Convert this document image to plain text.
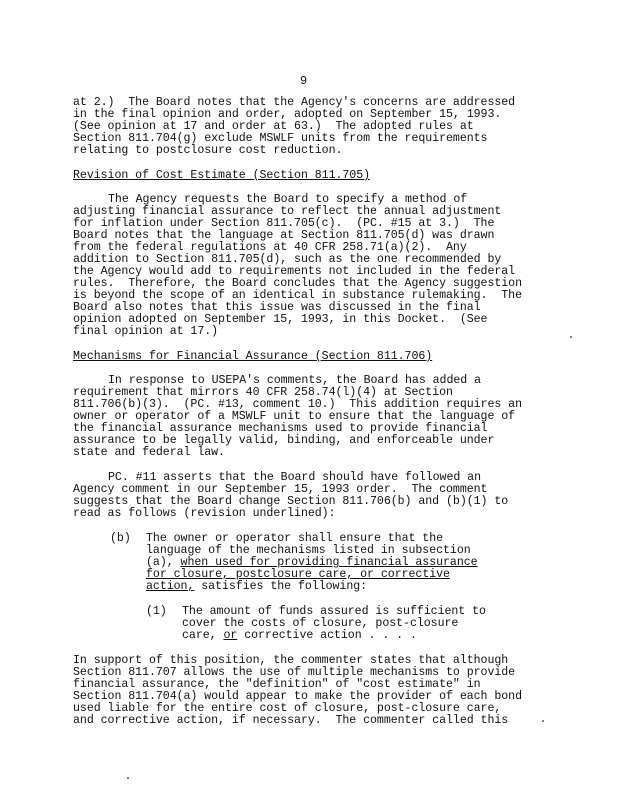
9
at 2.)  The Board notes that the Agency's concerns are addressed
in the final opinion and order, adopted on September 15, 1993.
(See opinion at 17 and order at 63.)  The adopted rules at
Section 811.704(g) exclude MSWLF units from the requirements
relating to postclosure cost reduction.
Revision of Cost Estimate (Section 811.705)
The Agency requests the Board to specify a method of
adjusting financial assurance to reflect the annual adjustment
for inflation under Section 811.705(c).  (PC. #15 at 3.)  The
Board notes that the language at Section 811.705(d) was drawn
from the federal regulations at 40 CFR 258.71(a)(2).  Any
addition to Section 811.705(d), such as the one recommended by
the Agency would add to requirements not included in the federal
rules.  Therefore, the Board concludes that the Agency suggestion
is beyond the scope of an identical in substance rulemaking.  The
Board also notes that this issue was discussed in the final
opinion adopted on September 15, 1993, in this Docket.  (See
final opinion at 17.)
Mechanisms for Financial Assurance (Section 811.706)
In response to USEPA's comments, the Board has added a
requirement that mirrors 40 CFR 258.74(l)(4) at Section
811.706(b)(3).  (PC. #13, comment 10.)  This addition requires an
owner or operator of a MSWLF unit to ensure that the language of
the financial assurance mechanisms used to provide financial
assurance to be legally valid, binding, and enforceable under
state and federal law.
PC. #11 asserts that the Board should have followed an
Agency comment in our September 15, 1993 order.  The comment
suggests that the Board change Section 811.706(b) and (b)(1) to
read as follows (revision underlined):
(b) The owner or operator shall ensure that the
language of the mechanisms listed in subsection
(a), when used for providing financial assurance
for closure, postclosure care, or corrective
action, satisfies the following:
(1) The amount of funds assured is sufficient to
cover the costs of closure, post-closure
care, or corrective action . . . .
In support of this position, the commenter states that although
Section 811.707 allows the use of multiple mechanisms to provide
financial assurance, the "definition" of "cost estimate" in
Section 811.704(a) would appear to make the provider of each bond
used liable for the entire cost of closure, post-closure care,
and corrective action, if necessary.  The commenter called this
